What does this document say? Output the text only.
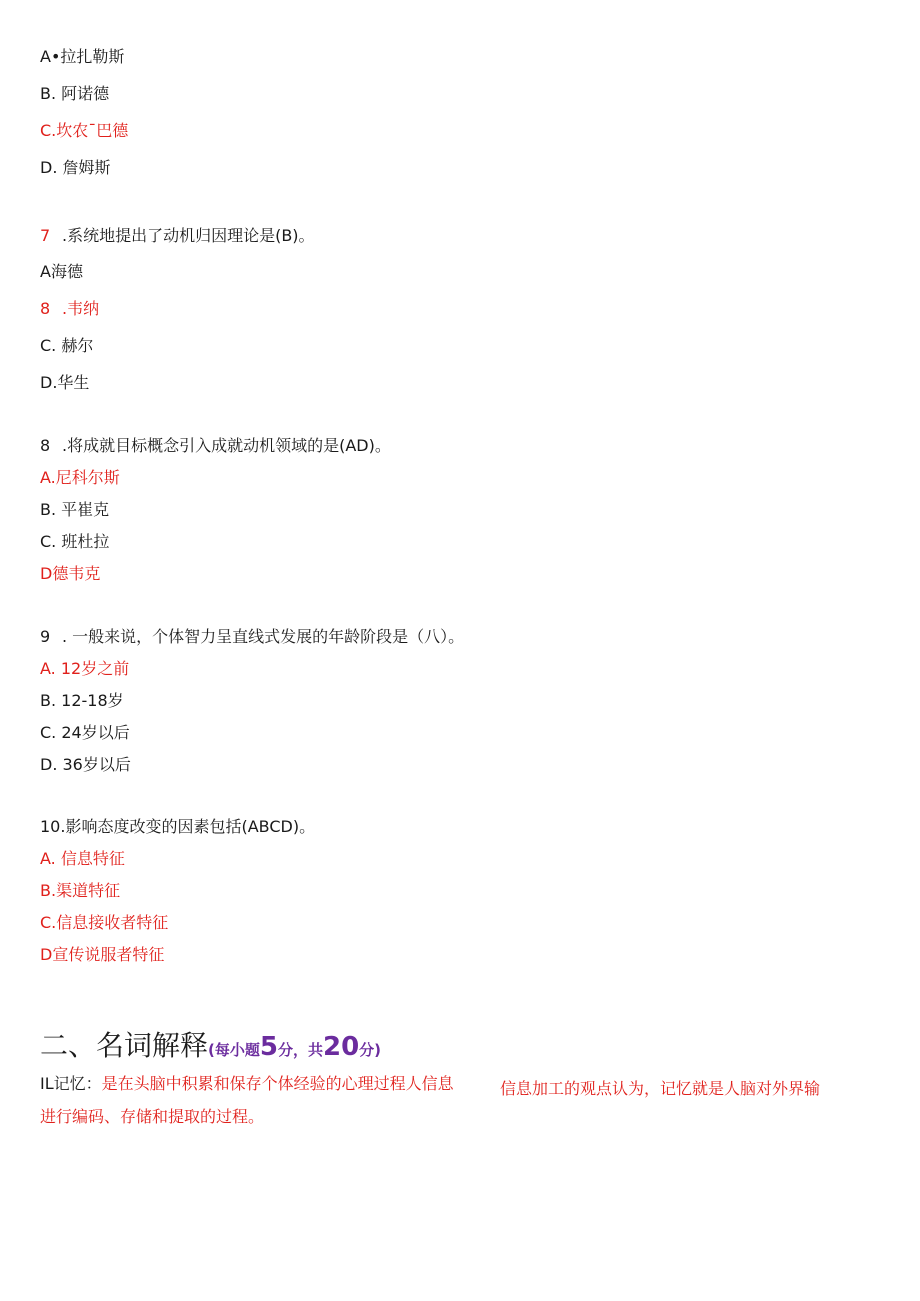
A•拉扎勒斯
B. 阿诺德
C.坎农¯巴德
D. 詹姆斯
7 .系统地提出了动机归因理论是(B)。
A海德
8 .韦纳
C. 赫尔
D.华生
8 .将成就目标概念引入成就动机领域的是(AD)。
A.尼科尔斯
B. 平崔克
C. 班杜拉
D德韦克
9 . 一般来说，个体智力呈直线式发展的年龄阶段是（八）。
A. 12岁之前
B. 12-18岁
C. 24岁以后
D. 36岁以后
10.影响态度改变的因素包括(ABCD)。
A. 信息特征
B.渠道特征
C.信息接收者特征
D宣传说服者特征
二、名词解释(每小题5分，共20分)
IL记忆：是在头脑中积累和保存个体经验的心理过程人信息	信息加工的观点认为，记忆就是人脑对外界输
进行编码、存储和提取的过程。
